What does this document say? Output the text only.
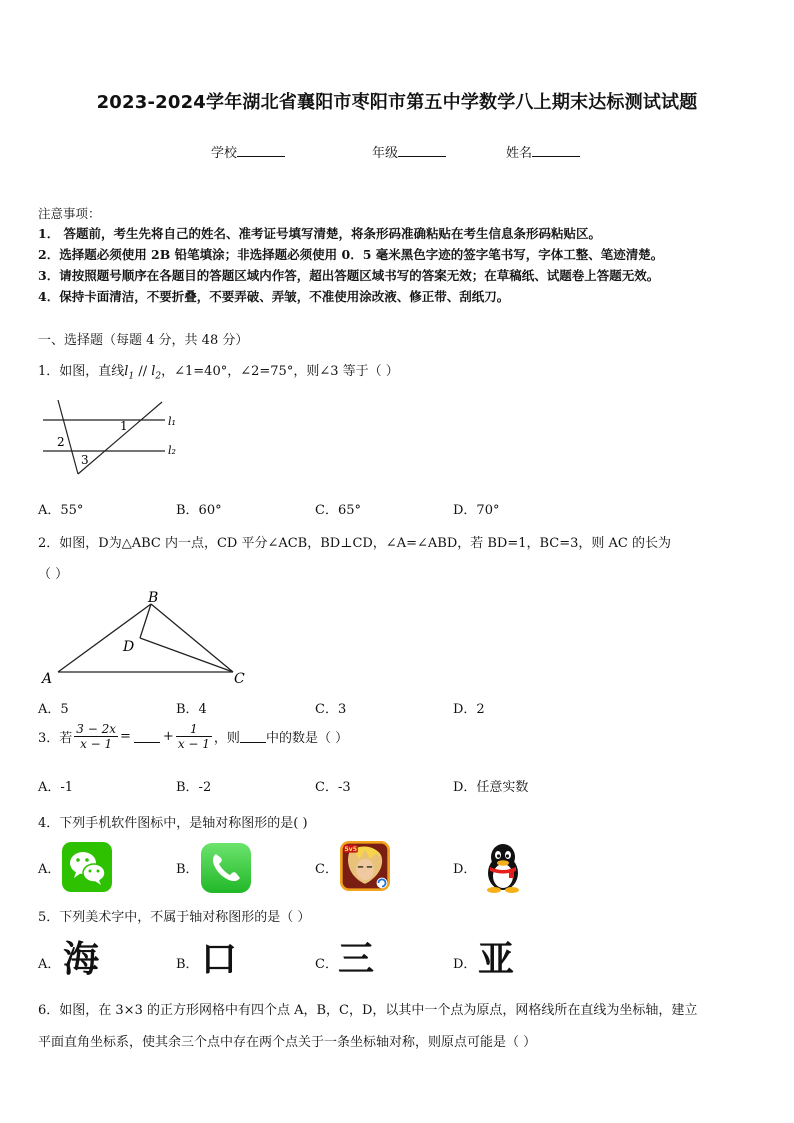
2023-2024学年湖北省襄阳市枣阳市第五中学数学八上期末达标测试试题
学校	年级	姓名
注意事项：
1． 答题前，考生先将自己的姓名、准考证号填写清楚，将条形码准确粘贴在考生信息条形码粘贴区。
2．选择题必须使用 2B 铅笔填涂；非选择题必须使用 0．5 毫米黑色字迹的签字笔书写，字体工整、笔迹清楚。
3．请按照题号顺序在各题目的答题区域内作答，超出答题区域书写的答案无效；在草稿纸、试题卷上答题无效。
4．保持卡面清洁，不要折叠，不要弄破、弄皱，不准使用涂改液、修正带、刮纸刀。
一、选择题（每题 4 分，共 48 分）
1．如图，直线$l_1 // l_2$，∠1=40°，∠2=75°，则∠3 等于（ ）
1
2
3
l₁
l₂
A．55°	B．60°	C．65°	D．70°
2．如图，D为△ABC 内一点，CD 平分∠ACB，BD⊥CD，∠A=∠ABD，若 BD=1，BC=3，则 AC 的长为
（ ）
A
B
C
D
A．5	B．4	C．3	D．2
3．若 $\frac{3 - 2x}{x - 1}$ = + $\frac{1}{x - 1}$ ，则 中的数是（ ）
A．-1	B．-2	C．-3	D．任意实数
4．下列手机软件图标中，是轴对称图形的是( )
A．	B．	C．
5v5
D．
5．下列美术字中，不属于轴对称图形的是（ ）
A． 海	B． 口	C． 三	D． 亚
6．如图，在 3×3 的正方形网格中有四个点 A，B，C，D，以其中一个点为原点，网格线所在直线为坐标轴，建立
平面直角坐标系，使其余三个点中存在两个点关于一条坐标轴对称，则原点可能是（ ）
